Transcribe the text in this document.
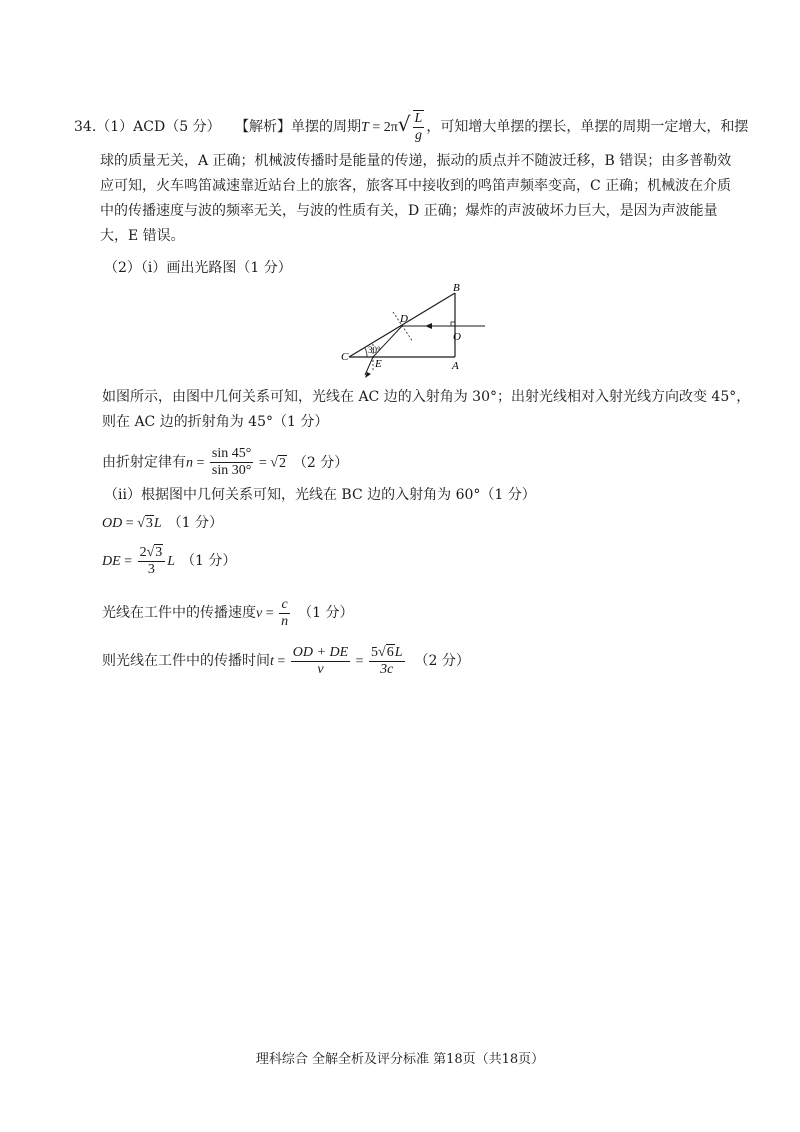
34.（1）ACD（5 分） 【解析】单摆的周期$T = 2\pi√ \frac{L}{g}$ ，可知增大单摆的摆长，单摆的周期一定增大，和摆
球的质量无关，A 正确；机械波传播时是能量的传递，振动的质点并不随波迁移，B 错误；由多普勒效
应可知，火车鸣笛减速靠近站台上的旅客，旅客耳中接收到的鸣笛声频率变高，C 正确；机械波在介质
中的传播速度与波的频率无关，与波的性质有关，D 正确；爆炸的声波破坏力巨大，是因为声波能量
大，E 错误。
（2）（i）画出光路图（1 分）
B
D
O
C
E	A
30°
如图所示，由图中几何关系可知，光线在 AC 边的入射角为 30°；出射光线相对入射光线方向改变 45°，
则在 AC 边的折射角为 45°（1 分）
由折射定律有$n = \frac{\sin 45^\circ}{\sin 30^\circ} = √2$ （2 分）
（ii）根据图中几何关系可知，光线在 BC 边的入射角为 60°（1 分）
OD = √3L （1 分）
DE = $\frac{2√3}{3}$ L （1 分）
光线在工件中的传播速度$v = \frac{c}{n} (1$ 分）
则光线在工件中的传播时间$t = \frac{OD + DE}{v} = \frac{5√6L}{3c} (2$ 分）
理科综合 全解全析及评分标准 第18页（共18页）
